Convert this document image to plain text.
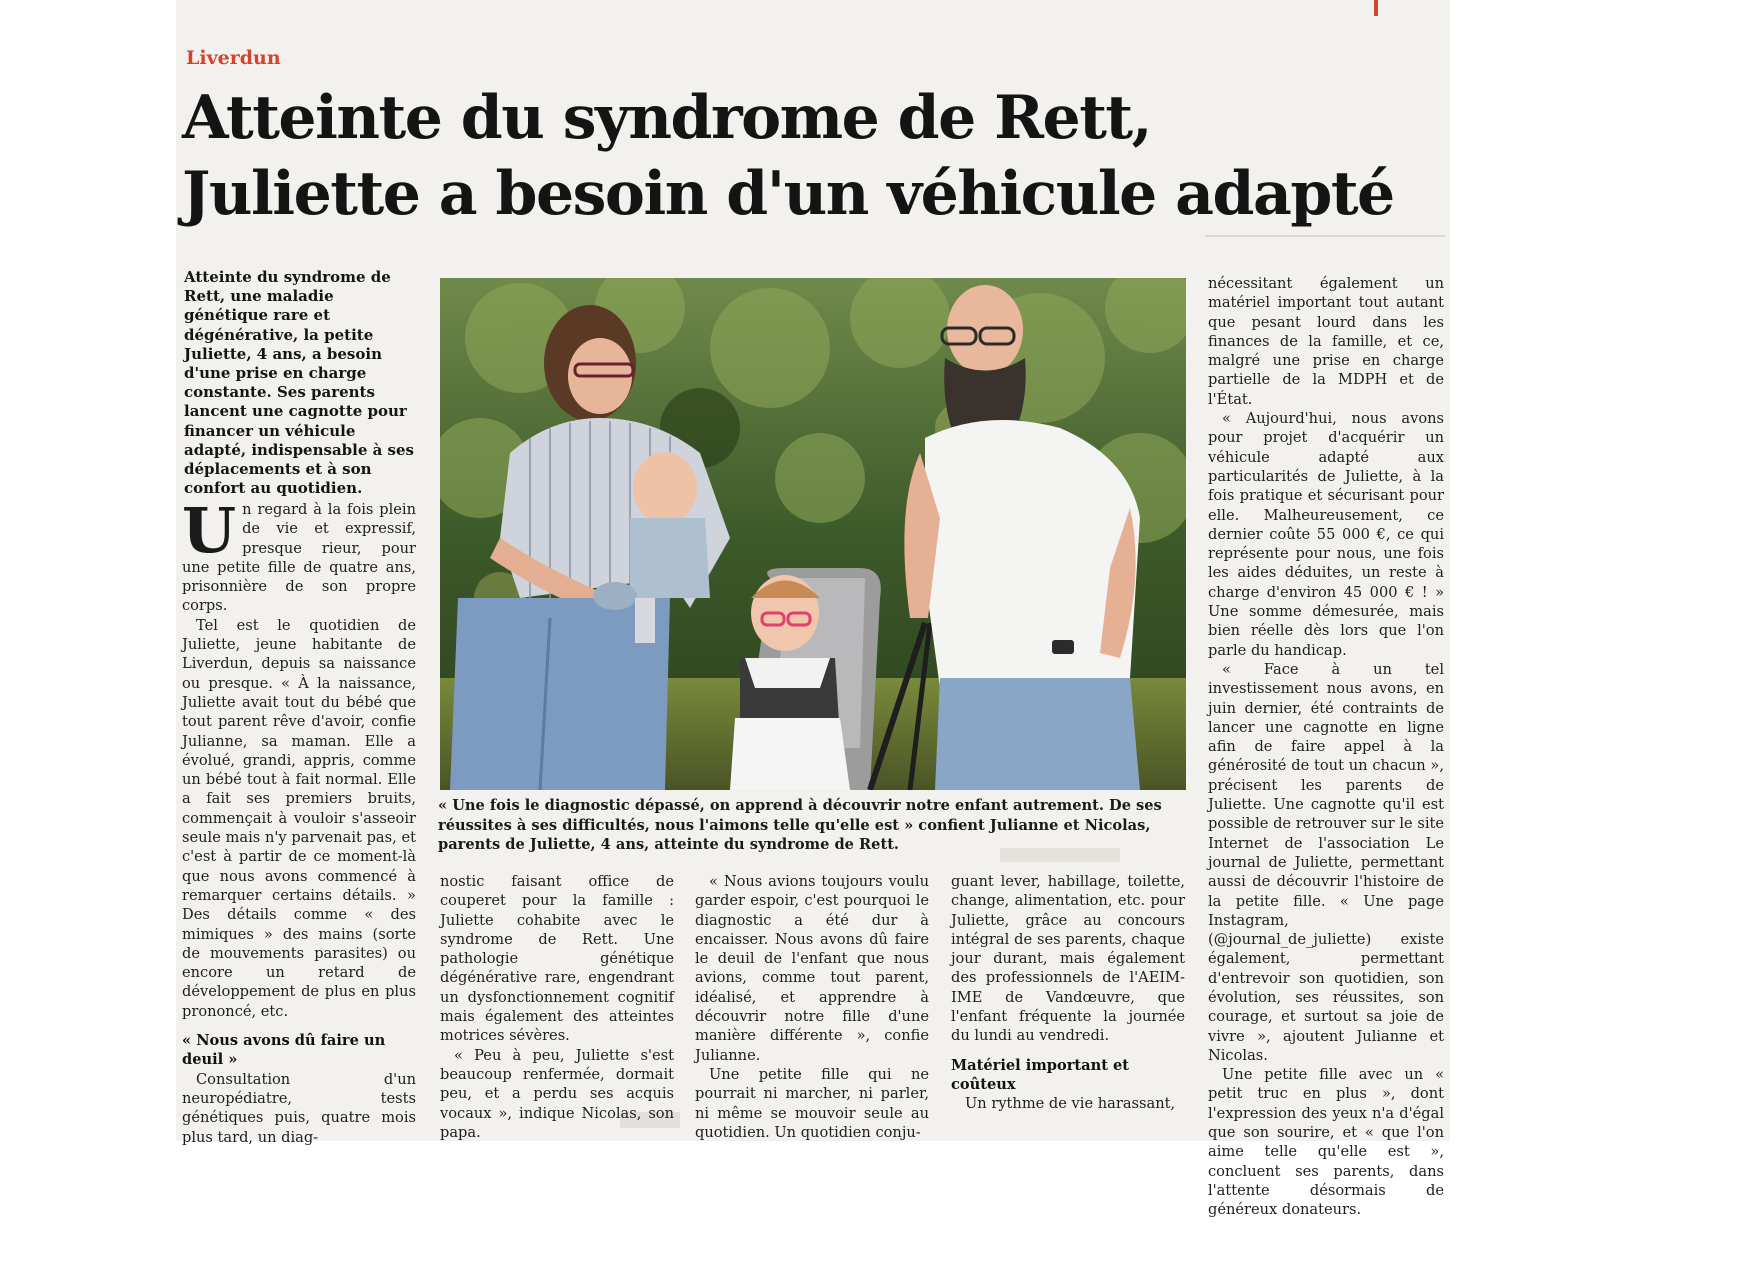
Liverdun
Atteinte du syndrome de Rett,
Juliette a besoin d'un véhicule adapté

Atteinte du syndrome de Rett, une maladie génétique rare et dégénérative, la petite Juliette, 4 ans, a besoin d'une prise en charge constante. Ses parents lancent une cagnotte pour financer un véhicule adapté, indispensable à ses déplacements et à son confort au quotidien.

Un regard à la fois plein de vie et expressif, presque rieur, pour une petite fille de quatre ans, prisonnière de son propre corps.

Tel est le quotidien de Juliette, jeune habitante de Liverdun, depuis sa naissance ou presque. « À la naissance, Juliette avait tout du bébé que tout parent rêve d'avoir, confie Julianne, sa maman. Elle a évolué, grandi, appris, comme un bébé tout à fait normal. Elle a fait ses premiers bruits, commençait à vouloir s'asseoir seule mais n'y parvenait pas, et c'est à partir de ce moment-là que nous avons commencé à remarquer certains détails. » Des détails comme « des mimiques » des mains (sorte de mouvements parasites) ou encore un retard de développement de plus en plus prononcé, etc.

« Nous avons dû faire un deuil »

Consultation d'un neuropédiatre, tests génétiques puis, quatre mois plus tard, un diag-

« Une fois le diagnostic dépassé, on apprend à découvrir notre enfant autrement. De ses réussites à ses difficultés, nous l'aimons telle qu'elle est » confient Julianne et Nicolas, parents de Juliette, 4 ans, atteinte du syndrome de Rett.

nostic faisant office de couperet pour la famille : Juliette cohabite avec le syndrome de Rett. Une pathologie génétique dégénérative rare, engendrant un dysfonctionnement cognitif mais également des atteintes motrices sévères.

« Peu à peu, Juliette s'est beaucoup renfermée, dormait peu, et a perdu ses acquis vocaux », indique Nicolas, son papa.

« Nous avions toujours voulu garder espoir, c'est pourquoi le diagnostic a été dur à encaisser. Nous avons dû faire le deuil de l'enfant que nous avions, comme tout parent, idéalisé, et apprendre à découvrir notre fille d'une manière différente », confie Julianne.

Une petite fille qui ne pourrait ni marcher, ni parler, ni même se mouvoir seule au quotidien. Un quotidien conju-

guant lever, habillage, toilette, change, alimentation, etc. pour Juliette, grâce au concours intégral de ses parents, chaque jour durant, mais également des professionnels de l'AEIM-IME de Vandœuvre, que l'enfant fréquente la journée du lundi au vendredi.

Matériel important et coûteux

Un rythme de vie harassant,

nécessitant également un matériel important tout autant que pesant lourd dans les finances de la famille, et ce, malgré une prise en charge partielle de la MDPH et de l'État.

« Aujourd'hui, nous avons pour projet d'acquérir un véhicule adapté aux particularités de Juliette, à la fois pratique et sécurisant pour elle. Malheureusement, ce dernier coûte 55 000 €, ce qui représente pour nous, une fois les aides déduites, un reste à charge d'environ 45 000 € ! » Une somme démesurée, mais bien réelle dès lors que l'on parle du handicap.

« Face à un tel investissement nous avons, en juin dernier, été contraints de lancer une cagnotte en ligne afin de faire appel à la générosité de tout un chacun », précisent les parents de Juliette. Une cagnotte qu'il est possible de retrouver sur le site Internet de l'association Le journal de Juliette, permettant aussi de découvrir l'histoire de la petite fille. « Une page Instagram, (@journal_de_juliette) existe également, permettant d'entrevoir son quotidien, son évolution, ses réussites, son courage, et surtout sa joie de vivre », ajoutent Julianne et Nicolas.

Une petite fille avec un « petit truc en plus », dont l'expression des yeux n'a d'égal que son sourire, et « que l'on aime telle qu'elle est », concluent ses parents, dans l'attente désormais de généreux donateurs.
